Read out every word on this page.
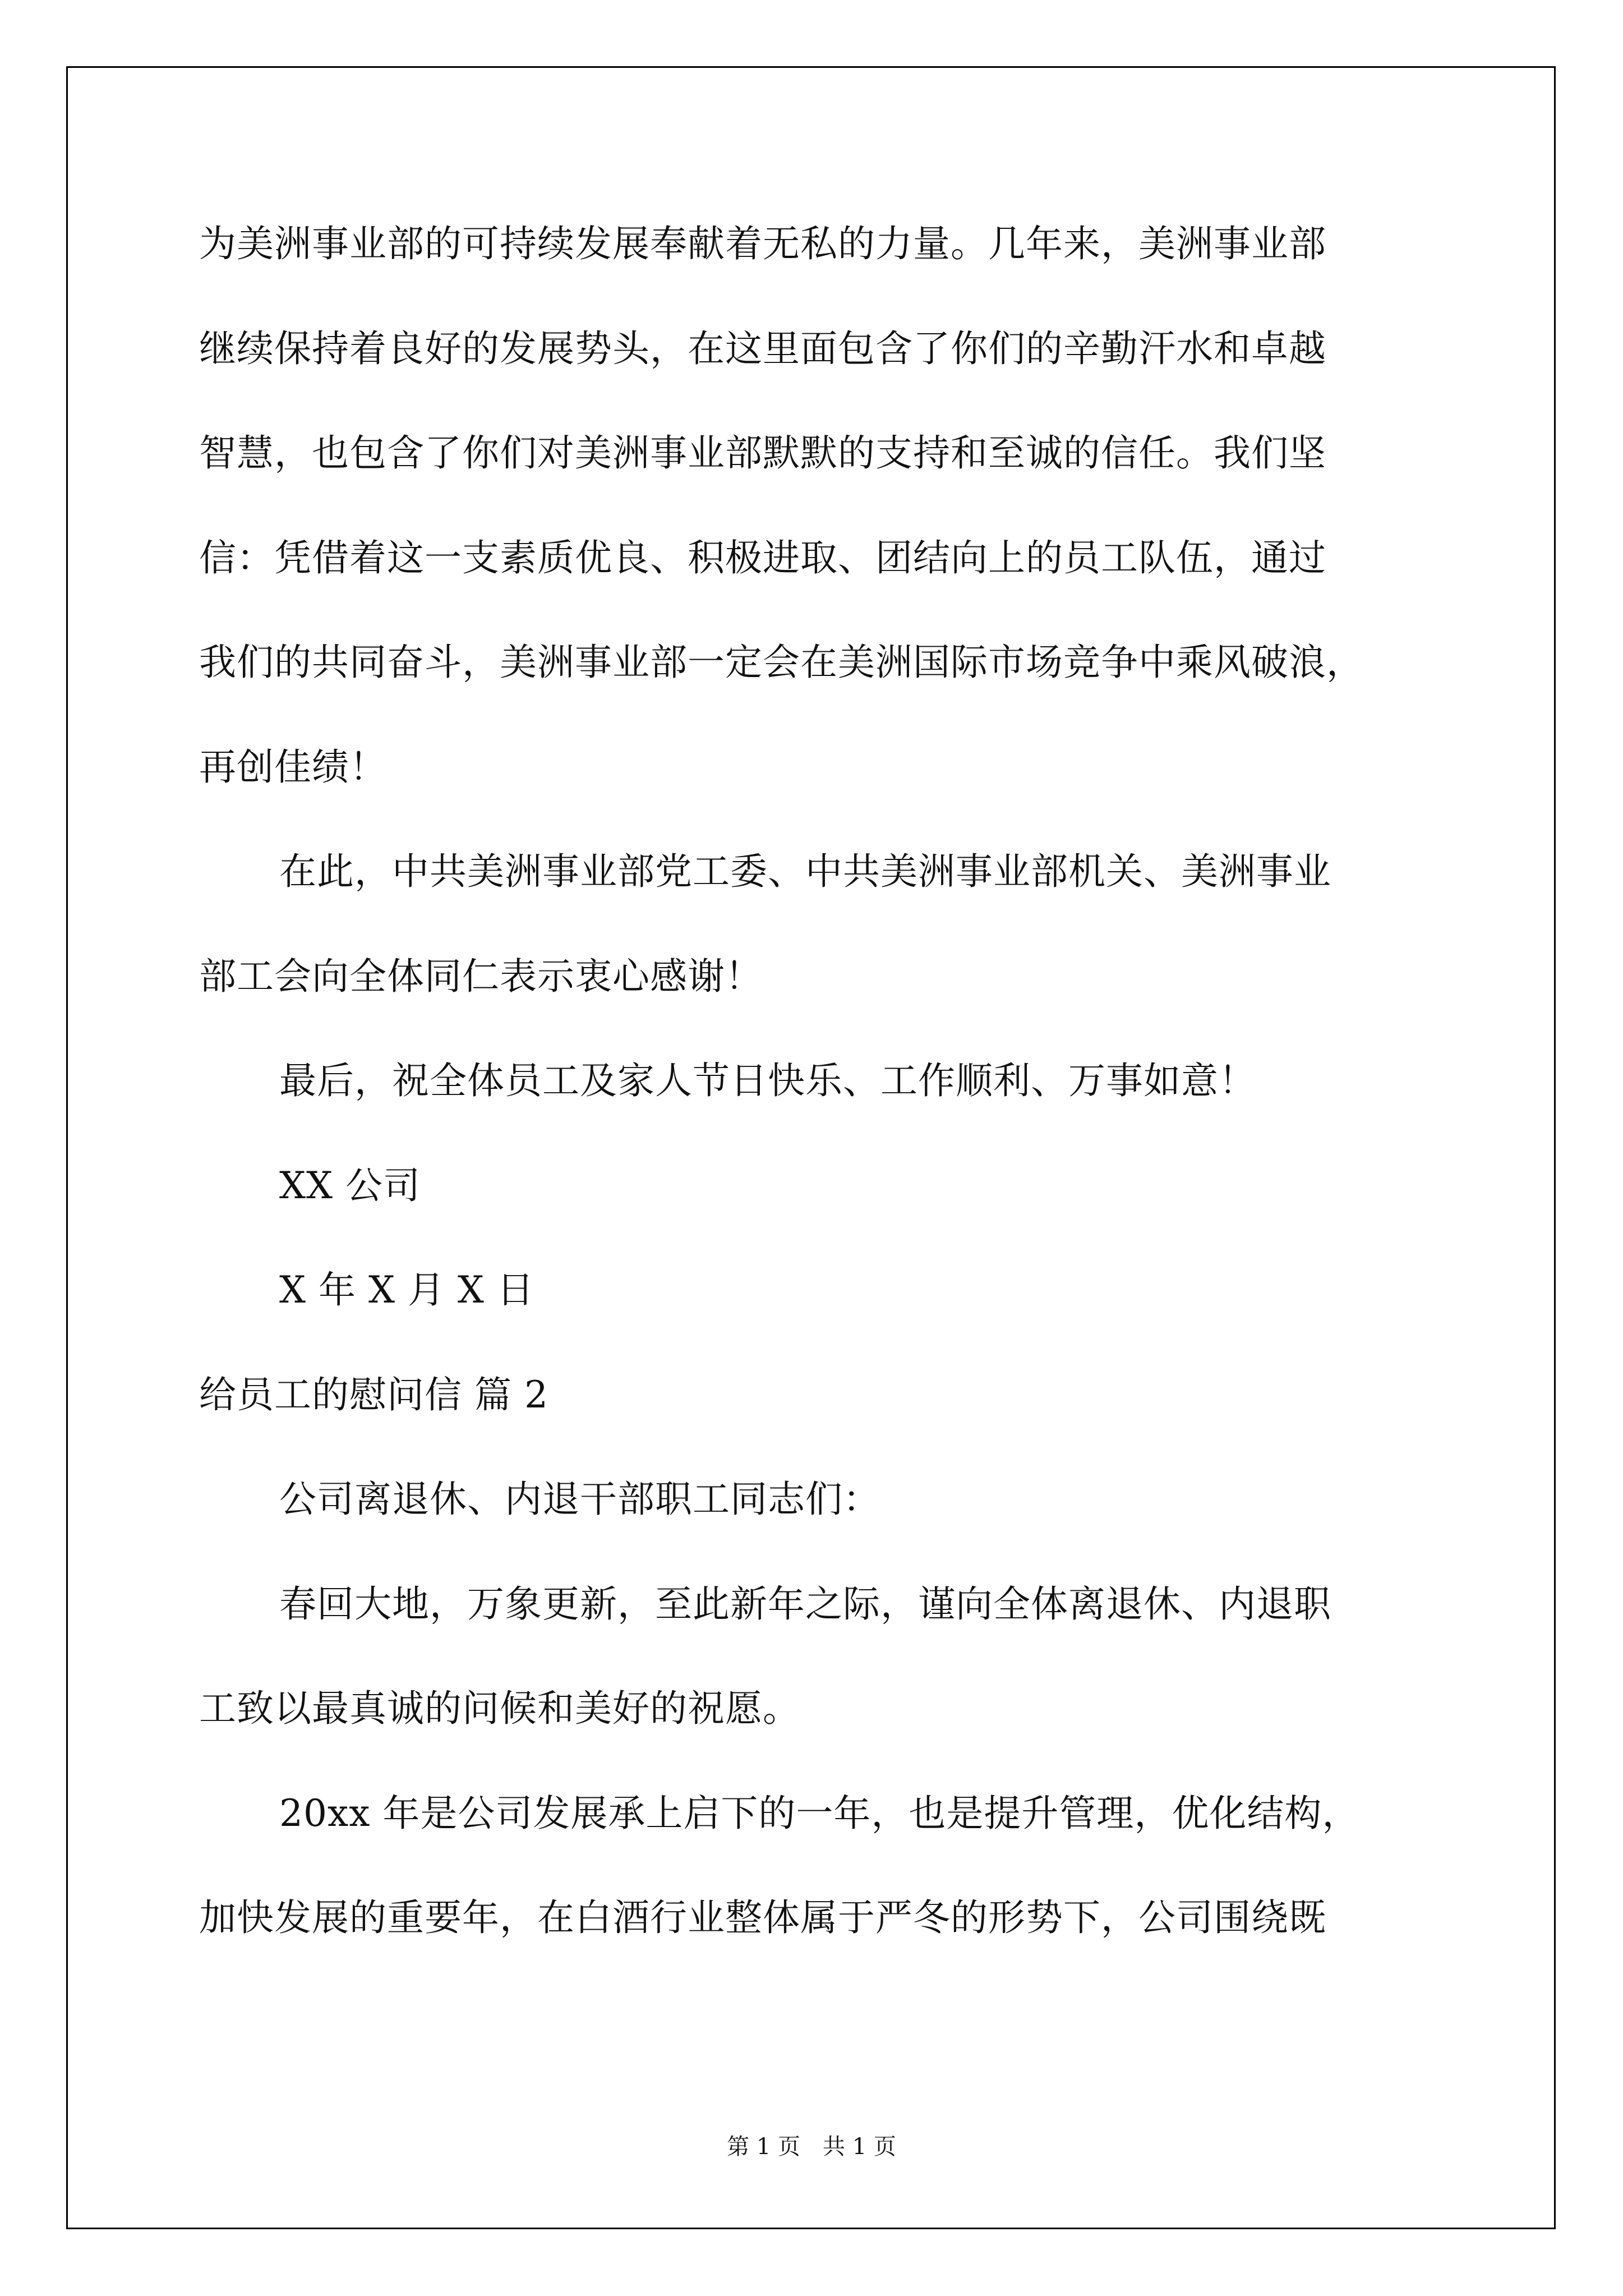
为美洲事业部的可持续发展奉献着无私的力量。几年来，美洲事业部
继续保持着良好的发展势头，在这里面包含了你们的辛勤汗水和卓越
智慧，也包含了你们对美洲事业部默默的支持和至诚的信任。我们坚
信：凭借着这一支素质优良、积极进取、团结向上的员工队伍，通过
我们的共同奋斗，美洲事业部一定会在美洲国际市场竞争中乘风破浪，
再创佳绩！
在此，中共美洲事业部党工委、中共美洲事业部机关、美洲事业
部工会向全体同仁表示衷心感谢！
最后，祝全体员工及家人节日快乐、工作顺利、万事如意！
XX 公司
X 年 X 月 X 日
给员工的慰问信 篇 2
公司离退休、内退干部职工同志们：
春回大地，万象更新，至此新年之际，谨向全体离退休、内退职
工致以最真诚的问候和美好的祝愿。
20xx 年是公司发展承上启下的一年，也是提升管理，优化结构，
加快发展的重要年，在白酒行业整体属于严冬的形势下，公司围绕既
第 1 页　共 1 页
